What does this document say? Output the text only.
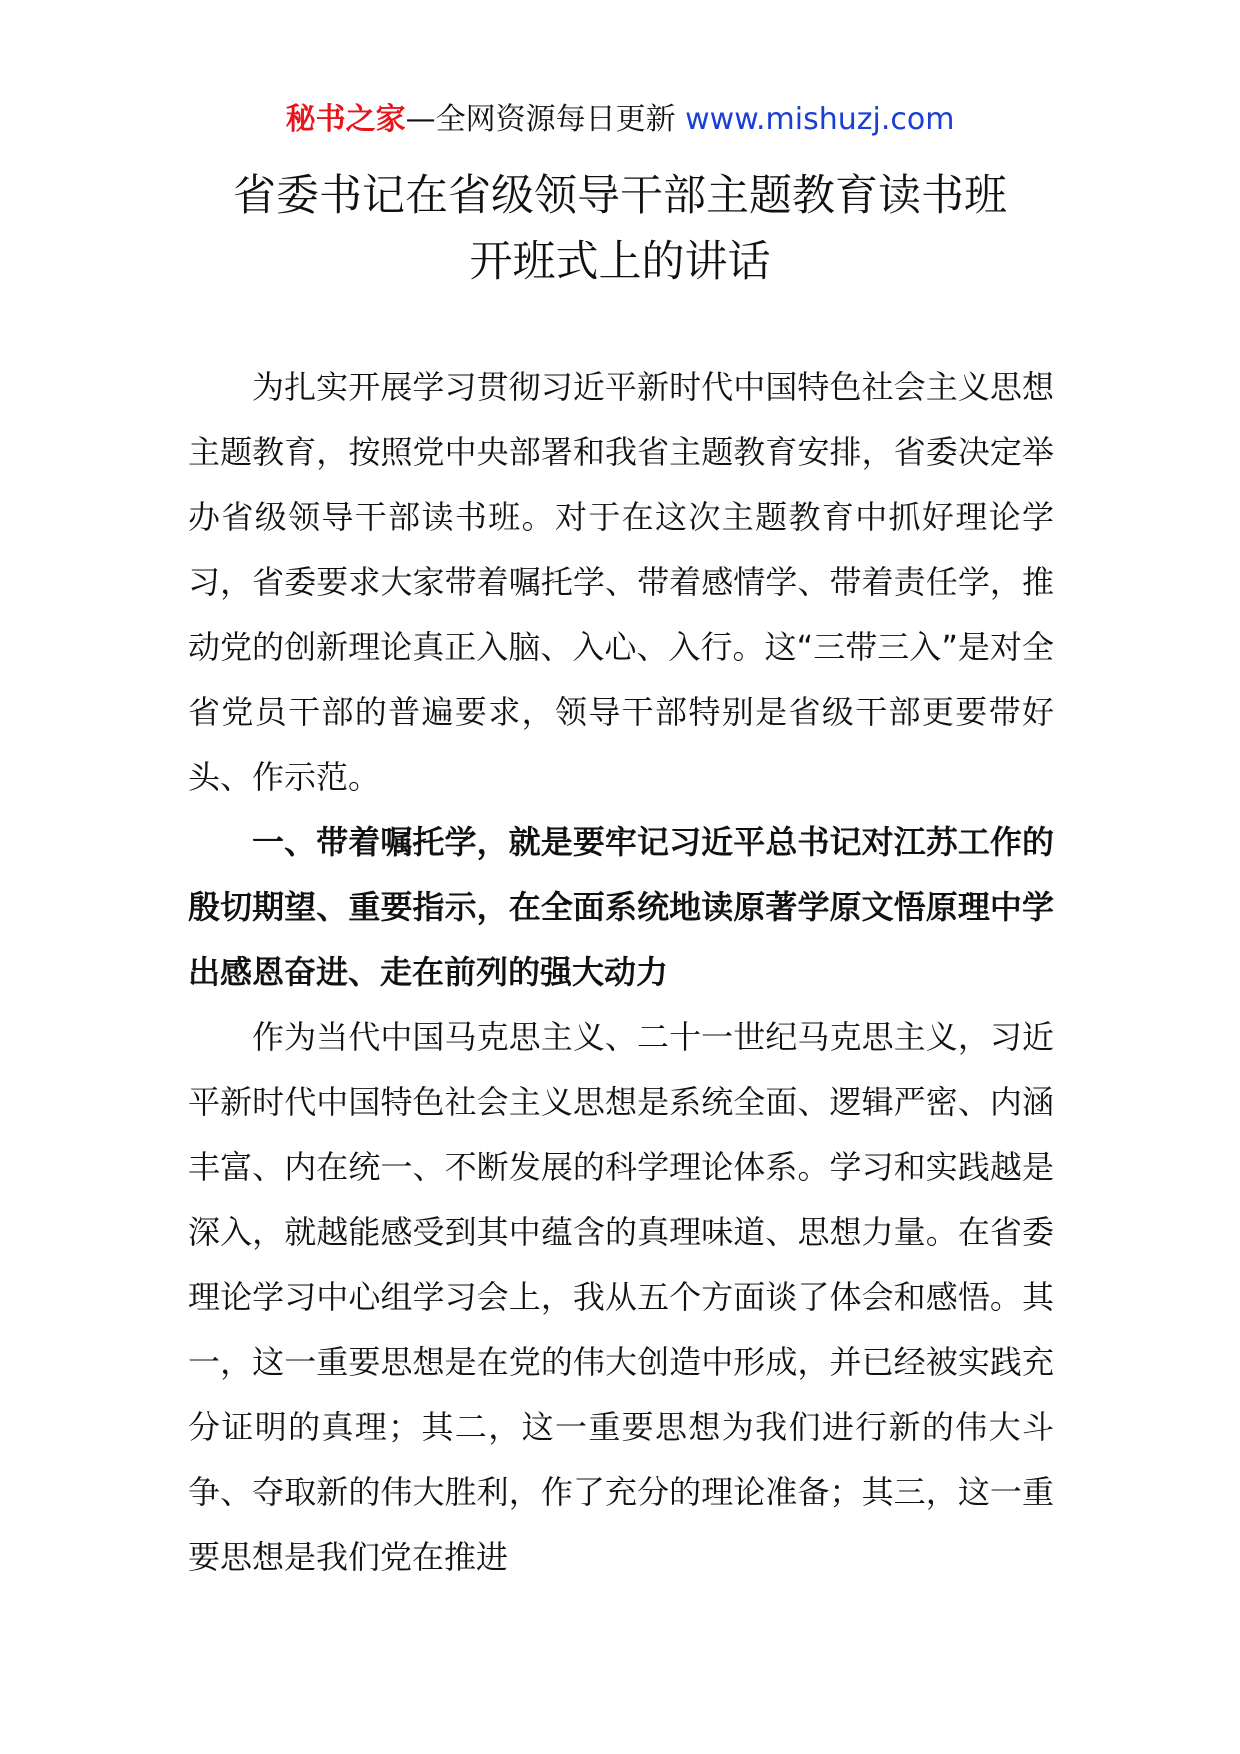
秘书之家—全网资源每日更新 www.mishuzj.com
省委书记在省级领导干部主题教育读书班
开班式上的讲话

为扎实开展学习贯彻习近平新时代中国特色社会主义思想主题教育，按照党中央部署和我省主题教育安排，省委决定举办省级领导干部读书班。对于在这次主题教育中抓好理论学习，省委要求大家带着嘱托学、带着感情学、带着责任学，推动党的创新理论真正入脑、入心、入行。这“三带三入”是对全省党员干部的普遍要求，领导干部特别是省级干部更要带好头、作示范。

一、带着嘱托学，就是要牢记习近平总书记对江苏工作的殷切期望、重要指示，在全面系统地读原著学原文悟原理中学出感恩奋进、走在前列的强大动力

作为当代中国马克思主义、二十一世纪马克思主义，习近平新时代中国特色社会主义思想是系统全面、逻辑严密、内涵丰富、内在统一、不断发展的科学理论体系。学习和实践越是深入，就越能感受到其中蕴含的真理味道、思想力量。在省委理论学习中心组学习会上，我从五个方面谈了体会和感悟。其一，这一重要思想是在党的伟大创造中形成，并已经被实践充分证明的真理；其二，这一重要思想为我们进行新的伟大斗争、夺取新的伟大胜利，作了充分的理论准备；其三，这一重要思想是我们党在推进
